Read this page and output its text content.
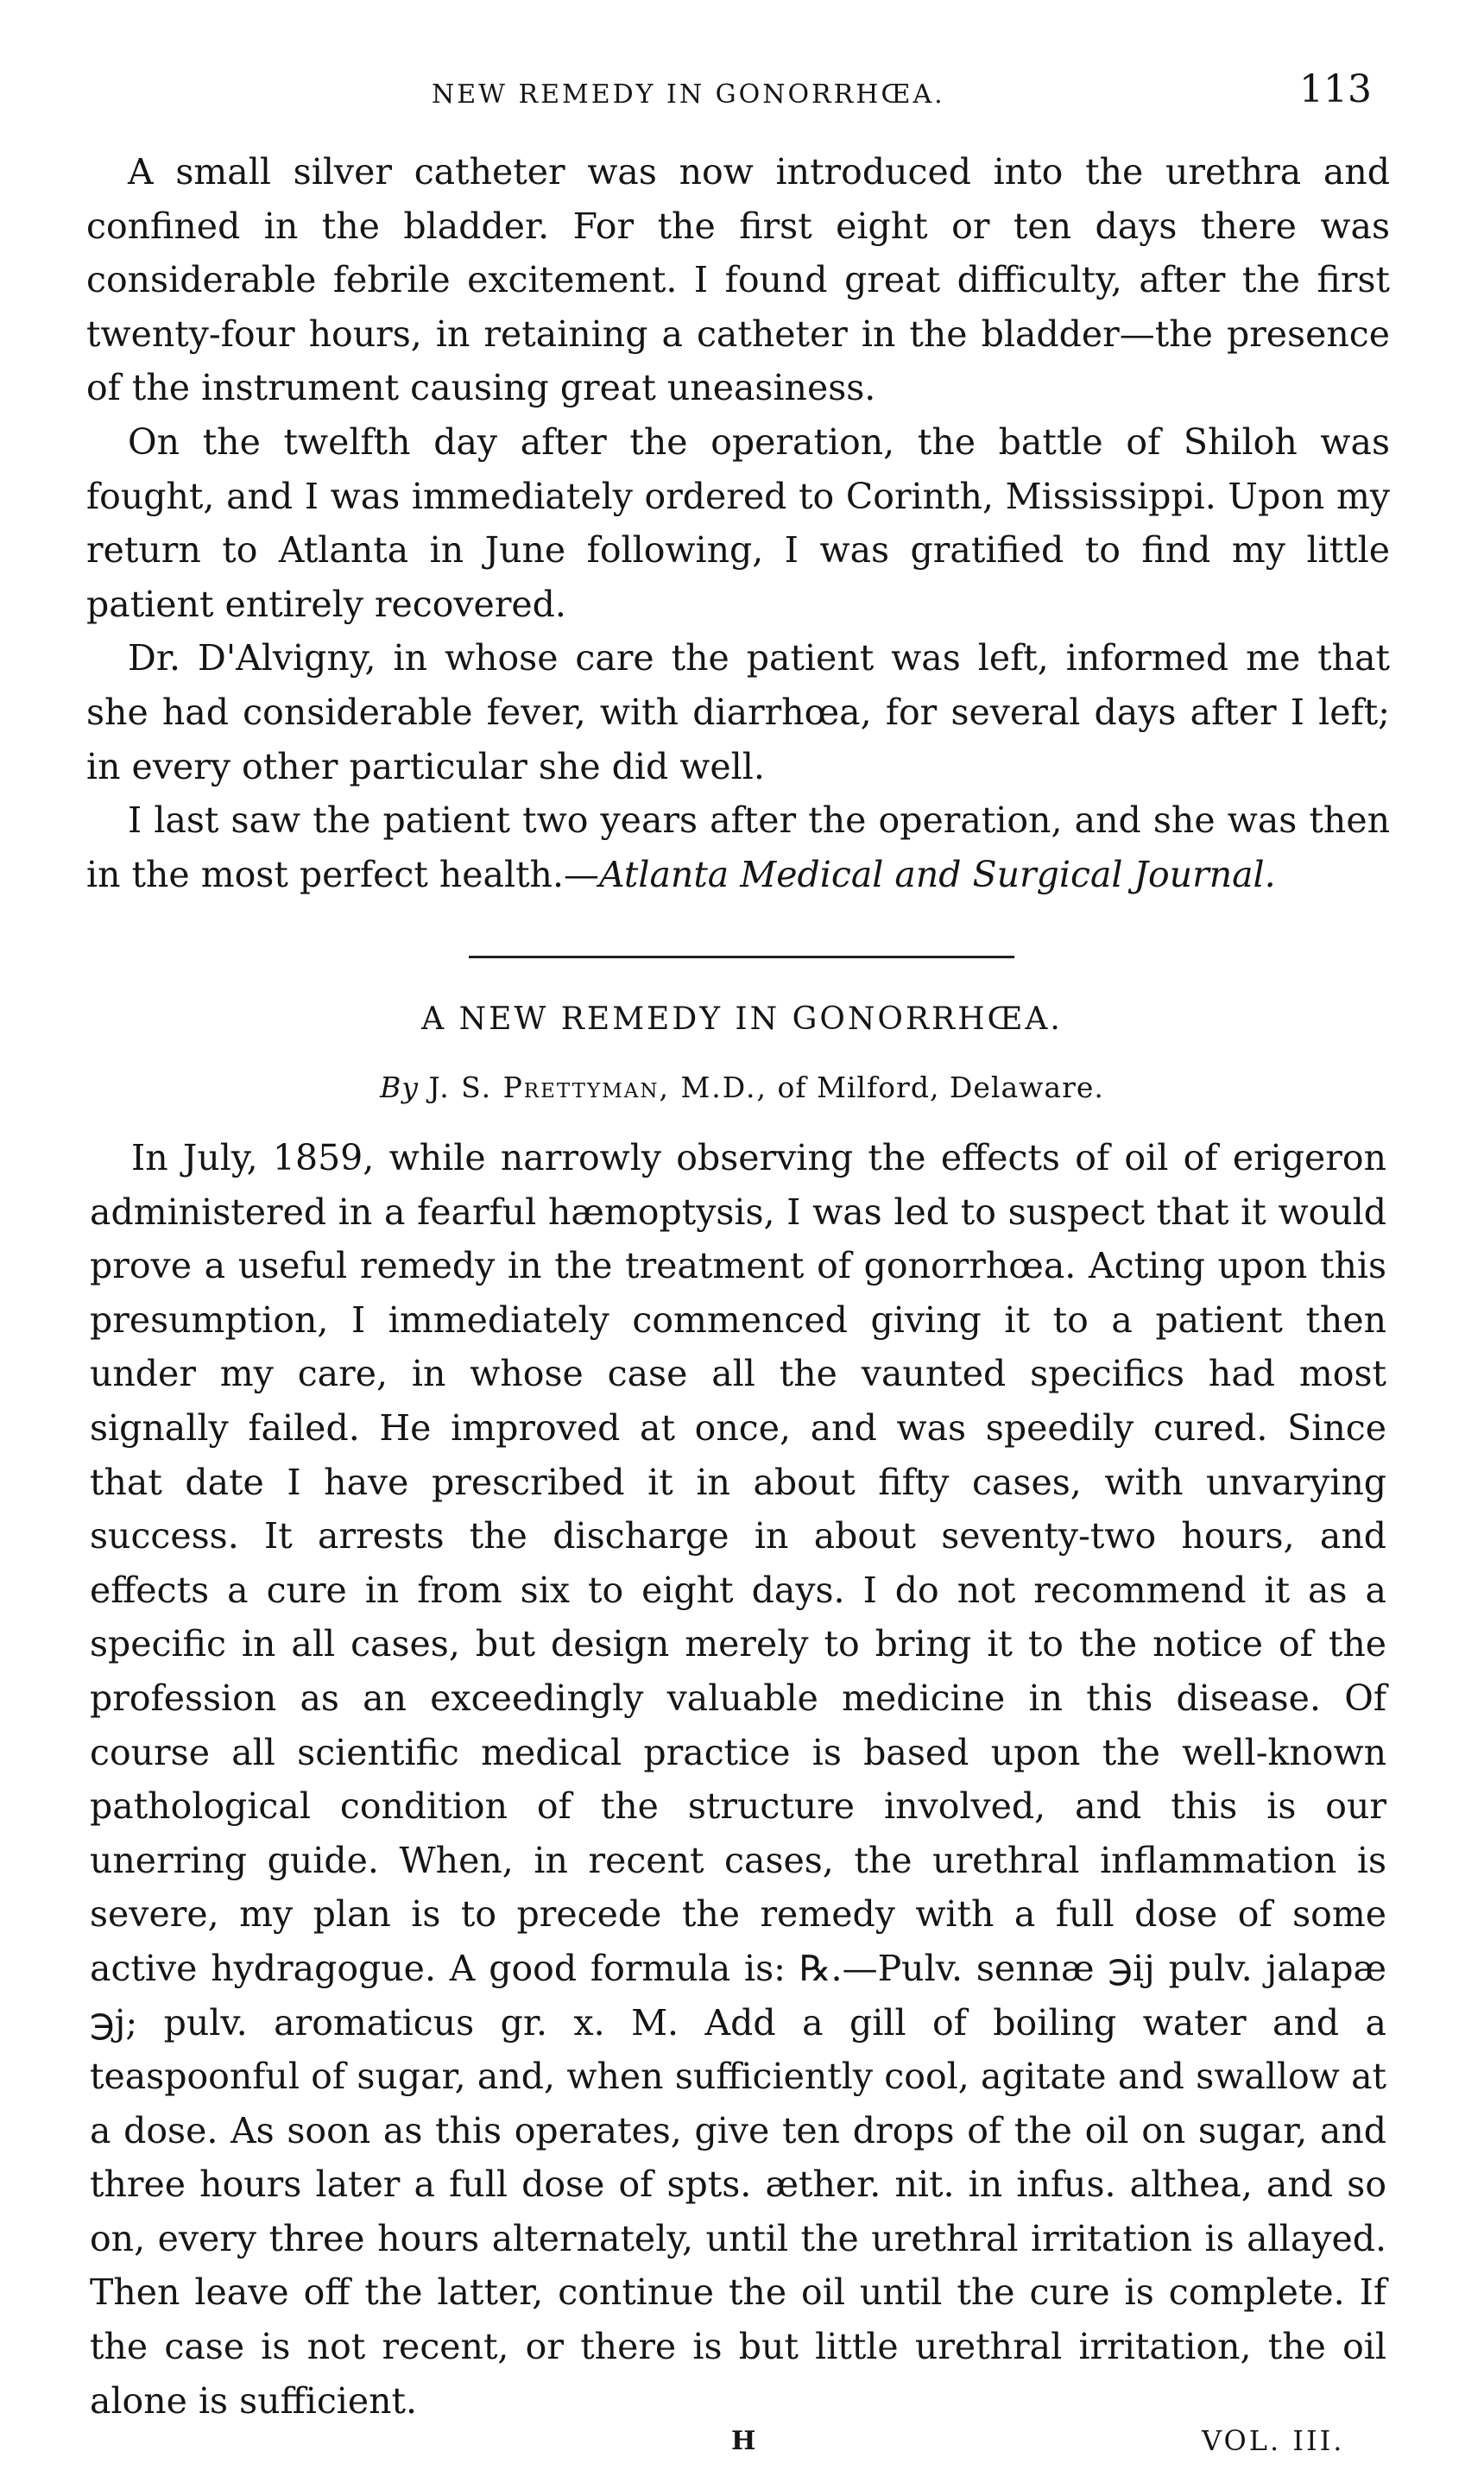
NEW REMEDY IN GONORRHŒA.	113

A small silver catheter was now introduced into the urethra and confined in the bladder. For the first eight or ten days there was considerable febrile excitement. I found great difficulty, after the first twenty-four hours, in retaining a catheter in the bladder—the presence of the instrument causing great uneasiness.

On the twelfth day after the operation, the battle of Shiloh was fought, and I was immediately ordered to Corinth, Mississippi. Upon my return to Atlanta in June following, I was gratified to find my little patient entirely recovered.

Dr. D'Alvigny, in whose care the patient was left, informed me that she had considerable fever, with diarrhœa, for several days after I left; in every other particular she did well.

I last saw the patient two years after the operation, and she was then in the most perfect health.—Atlanta Medical and Surgical Journal.

A NEW REMEDY IN GONORRHŒA.
By J. S. Prettyman, M.D., of Milford, Delaware.

In July, 1859, while narrowly observing the effects of oil of erigeron administered in a fearful hæmoptysis, I was led to suspect that it would prove a useful remedy in the treatment of gonorrhœa. Acting upon this presumption, I immediately commenced giving it to a patient then under my care, in whose case all the vaunted specifics had most signally failed. He improved at once, and was speedily cured. Since that date I have prescribed it in about fifty cases, with unvarying success. It arrests the discharge in about seventy-two hours, and effects a cure in from six to eight days. I do not recommend it as a specific in all cases, but design merely to bring it to the notice of the profession as an exceedingly valuable medicine in this disease. Of course all scientific medical practice is based upon the well-known pathological condition of the structure involved, and this is our unerring guide. When, in recent cases, the urethral inflammation is severe, my plan is to precede the remedy with a full dose of some active hydragogue. A good formula is: ℞.—Pulv. sennæ ℈ij pulv. jalapæ ℈j; pulv. aromaticus gr. x. M. Add a gill of boiling water and a teaspoonful of sugar, and, when sufficiently cool, agitate and swallow at a dose. As soon as this operates, give ten drops of the oil on sugar, and three hours later a full dose of spts. æther. nit. in infus. althea, and so on, every three hours alternately, until the urethral irritation is allayed. Then leave off the latter, continue the oil until the cure is complete. If the case is not recent, or there is but little urethral irritation, the oil alone is sufficient.

H	VOL. III.
